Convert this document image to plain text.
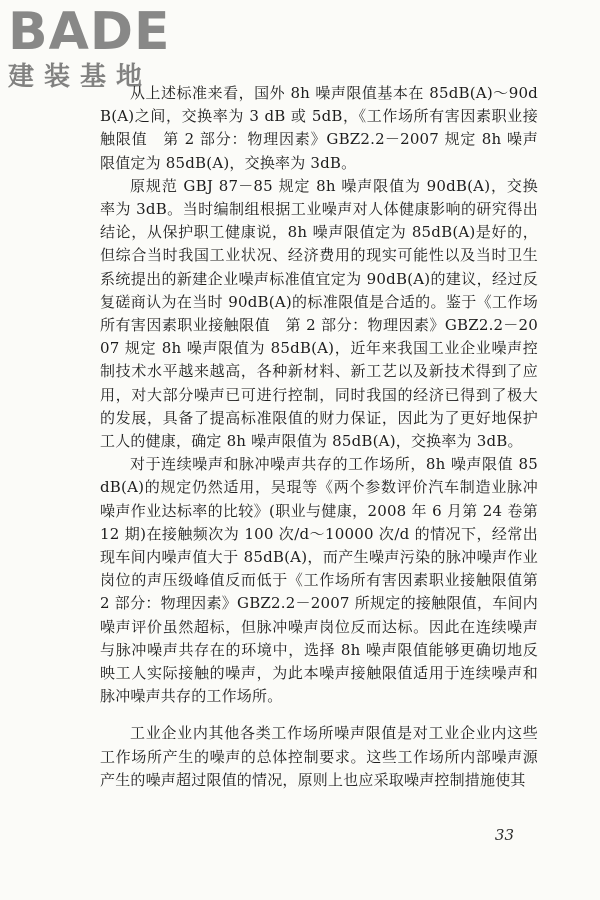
BADE
建装基地

从上述标准来看，国外 8h 噪声限值基本在 85dB(A)～90dB(A)之间，交换率为 3 dB 或 5dB，《工作场所有害因素职业接触限值　第 2 部分：物理因素》GBZ2.2－2007 规定 8h 噪声限值定为 85dB(A)，交换率为 3dB。

原规范 GBJ 87－85 规定 8h 噪声限值为 90dB(A)，交换率为 3dB。当时编制组根据工业噪声对人体健康影响的研究得出结论，从保护职工健康说，8h 噪声限值定为 85dB(A)是好的，但综合当时我国工业状况、经济费用的现实可能性以及当时卫生系统提出的新建企业噪声标准值宜定为 90dB(A)的建议，经过反复磋商认为在当时 90dB(A)的标准限值是合适的。鉴于《工作场所有害因素职业接触限值　第 2 部分：物理因素》GBZ2.2－2007 规定 8h 噪声限值为 85dB(A)，近年来我国工业企业噪声控制技术水平越来越高，各种新材料、新工艺以及新技术得到了应用，对大部分噪声已可进行控制，同时我国的经济已得到了极大的发展，具备了提高标准限值的财力保证，因此为了更好地保护工人的健康，确定 8h 噪声限值为 85dB(A)，交换率为 3dB。

对于连续噪声和脉冲噪声共存的工作场所，8h 噪声限值 85dB(A)的规定仍然适用，吴琨等《两个参数评价汽车制造业脉冲噪声作业达标率的比较》(职业与健康，2008 年 6 月第 24 卷第 12 期)在接触频次为 100 次/d～10000 次/d 的情况下，经常出现车间内噪声值大于 85dB(A)，而产生噪声污染的脉冲噪声作业岗位的声压级峰值反而低于《工作场所有害因素职业接触限值第 2 部分：物理因素》GBZ2.2－2007 所规定的接触限值，车间内噪声评价虽然超标，但脉冲噪声岗位反而达标。因此在连续噪声与脉冲噪声共存在的环境中，选择 8h 噪声限值能够更确切地反映工人实际接触的噪声，为此本噪声接触限值适用于连续噪声和脉冲噪声共存的工作场所。

工业企业内其他各类工作场所噪声限值是对工业企业内这些工作场所产生的噪声的总体控制要求。这些工作场所内部噪声源产生的噪声超过限值的情况，原则上也应采取噪声控制措施使其

33
